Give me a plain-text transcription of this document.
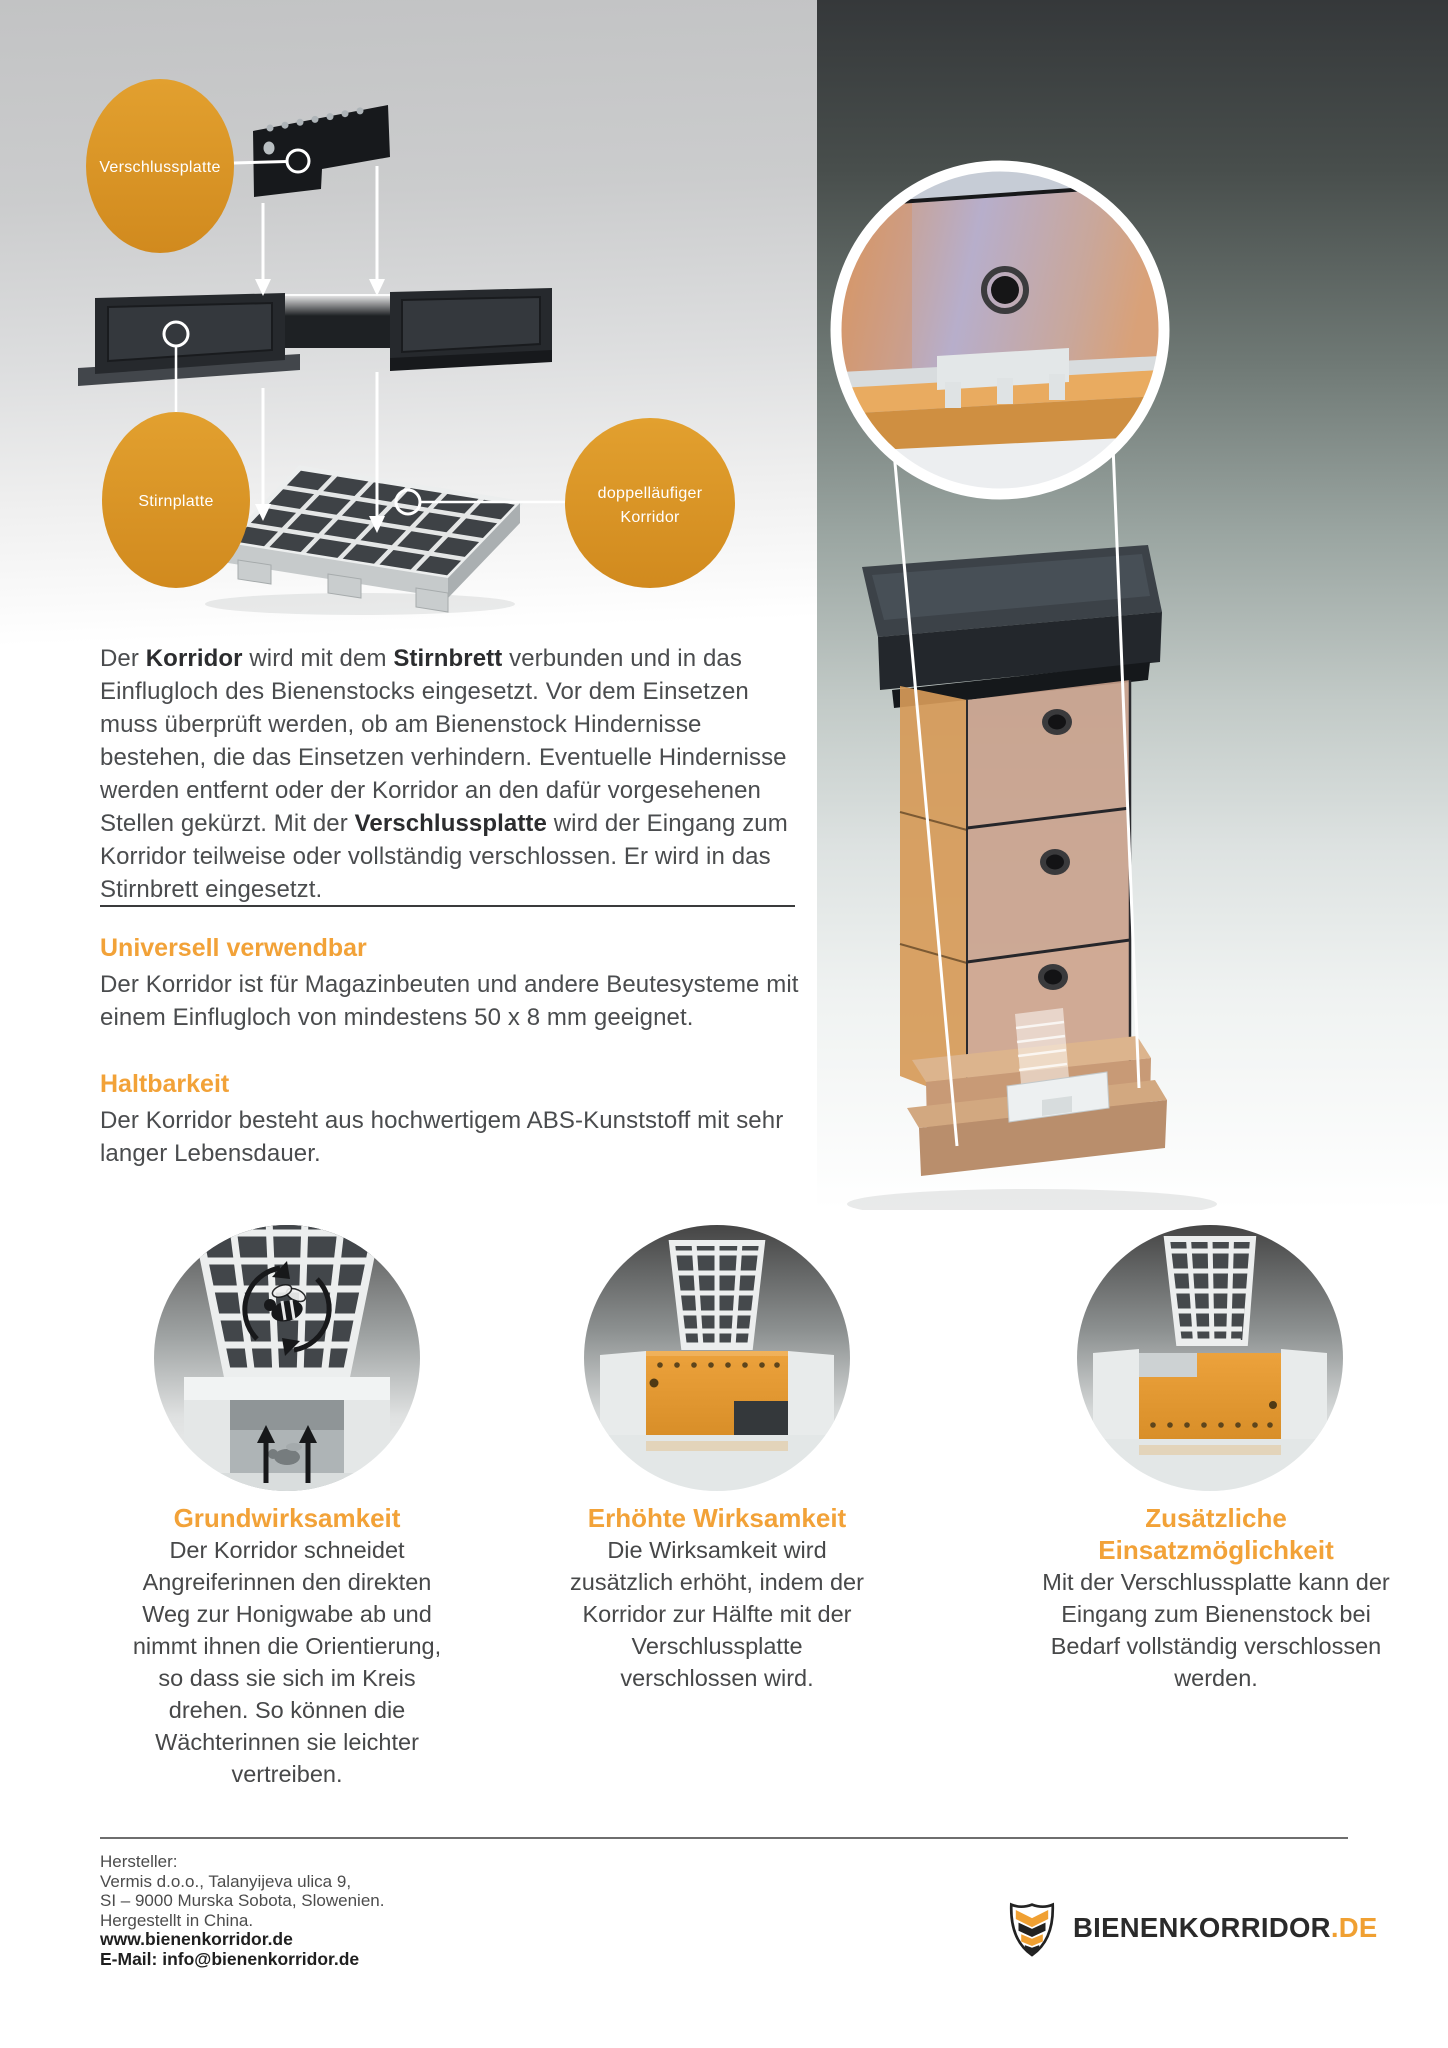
Verschlussplatte
Stirnplatte	doppelläufiger
Korridor

Der Korridor wird mit dem Stirnbrett verbunden und in das Einflugloch des Bienenstocks eingesetzt. Vor dem Einsetzen muss überprüft werden, ob am Bienenstock Hindernisse bestehen, die das Einsetzen verhindern. Eventuelle Hindernisse werden entfernt oder der Korridor an den dafür vorgesehenen Stellen gekürzt. Mit der Verschlussplatte wird der Eingang zum Korridor teilweise oder vollständig verschlossen. Er wird in das Stirnbrett eingesetzt.

Universell verwendbar

Der Korridor ist für Magazinbeuten und andere Beutesysteme mit einem Einflugloch von mindestens 50 x 8 mm geeignet.

Haltbarkeit

Der Korridor besteht aus hochwertigem ABS-Kunststoff mit sehr langer Lebensdauer.

Grundwirksamkeit

Der Korridor schneidet Angreiferinnen den direkten Weg zur Honigwabe ab und nimmt ihnen die Orientierung, so dass sie sich im Kreis drehen. So können die Wächterinnen sie leichter vertreiben.

Erhöhte Wirksamkeit

Die Wirksamkeit wird zusätzlich erhöht, indem der Korridor zur Hälfte mit der Verschlussplatte verschlossen wird.

Zusätzliche Einsatzmöglichkeit

Mit der Verschlussplatte kann der Eingang zum Bienenstock bei Bedarf vollständig verschlossen werden.

Hersteller:
Vermis d.o.o., Talanyijeva ulica 9,
SI – 9000 Murska Sobota, Slowenien.
Hergestellt in China.
www.bienenkorridor.de
E-Mail: info@bienenkorridor.de
BIENENKORRIDOR.DE
